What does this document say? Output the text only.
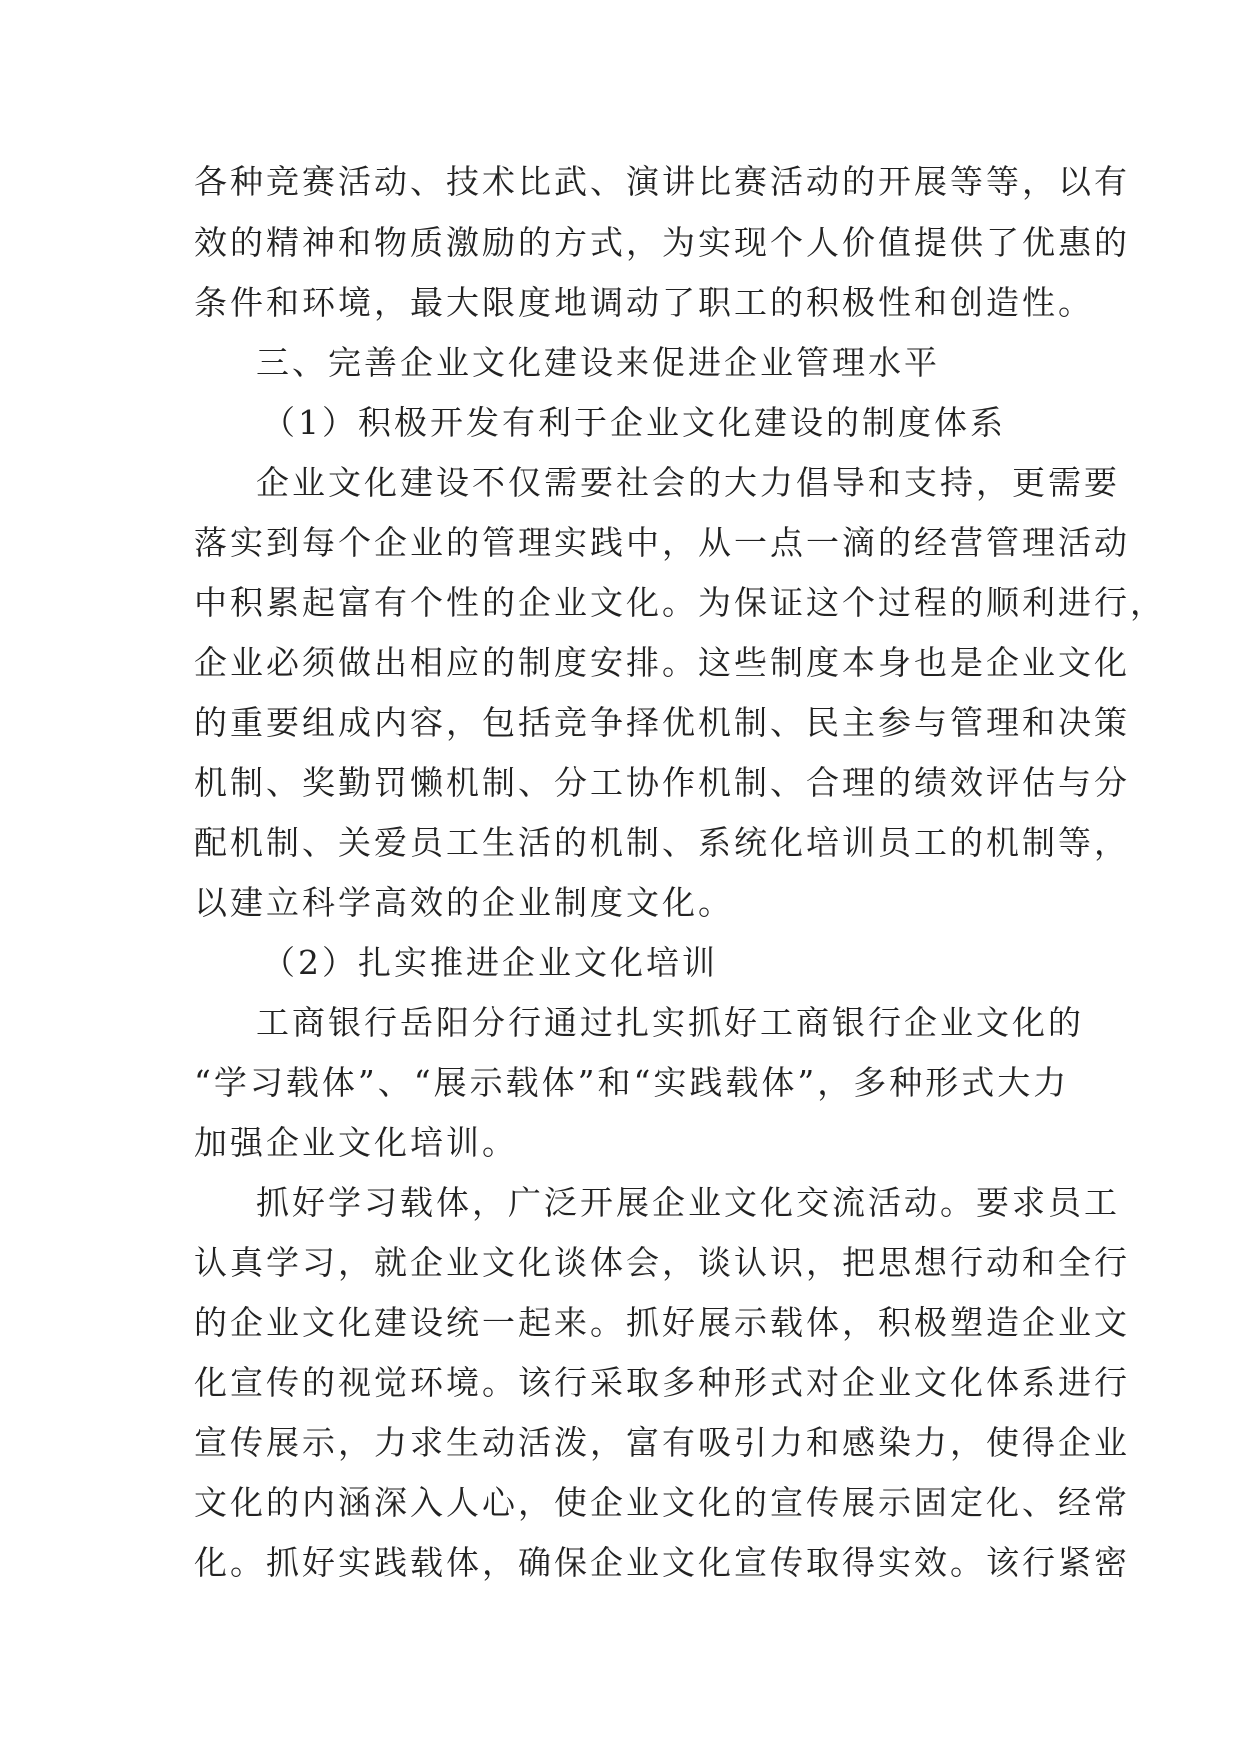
各种竞赛活动、技术比武、演讲比赛活动的开展等等，以有
效的精神和物质激励的方式，为实现个人价值提供了优惠的
条件和环境，最大限度地调动了职工的积极性和创造性。
三、完善企业文化建设来促进企业管理水平
（1）积极开发有利于企业文化建设的制度体系
企业文化建设不仅需要社会的大力倡导和支持，更需要
落实到每个企业的管理实践中，从一点一滴的经营管理活动
中积累起富有个性的企业文化。为保证这个过程的顺利进行，
企业必须做出相应的制度安排。这些制度本身也是企业文化
的重要组成内容，包括竞争择优机制、民主参与管理和决策
机制、奖勤罚懒机制、分工协作机制、合理的绩效评估与分
配机制、关爱员工生活的机制、系统化培训员工的机制等，
以建立科学高效的企业制度文化。
（2）扎实推进企业文化培训
工商银行岳阳分行通过扎实抓好工商银行企业文化的
“学习载体”、“展示载体”和“实践载体”，多种形式大力
加强企业文化培训。
抓好学习载体，广泛开展企业文化交流活动。要求员工
认真学习，就企业文化谈体会，谈认识，把思想行动和全行
的企业文化建设统一起来。抓好展示载体，积极塑造企业文
化宣传的视觉环境。该行采取多种形式对企业文化体系进行
宣传展示，力求生动活泼，富有吸引力和感染力，使得企业
文化的内涵深入人心，使企业文化的宣传展示固定化、经常
化。抓好实践载体，确保企业文化宣传取得实效。该行紧密
